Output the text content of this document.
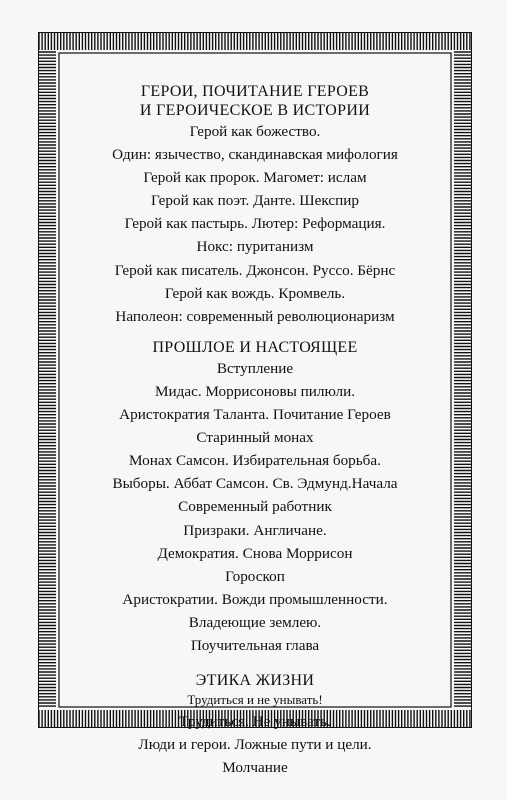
ГЕРОИ, ПОЧИТАНИЕ ГЕРОЕВ
И ГЕРОИЧЕСКОЕ В ИСТОРИИ
Герой как божество.
Один: язычество, скандинавская мифология
Герой как пророк. Магомет: ислам
Герой как поэт. Данте. Шекспир
Герой как пастырь. Лютер: Реформация.
Нокс: пуританизм
Герой как писатель. Джонсон. Руссо. Бёрнс
Герой как вождь. Кромвель.
Наполеон: современный революционаризм
ПРОШЛОЕ И НАСТОЯЩЕЕ
Вступление
Мидас. Моррисоновы пилюли.
Аристократия Таланта. Почитание Героев
Старинный монах
Монах Самсон. Избирательная борьба.
Выборы. Аббат Самсон. Св. Эдмунд.Начала
Современный работник
Призраки. Англичане.
Демократия. Снова Моррисон
Гороскоп
Аристократии. Вожди промышленности.
Владеющие землею.
Поучительная глава
ЭТИКА ЖИЗНИ
Трудиться и не унывать!
Трудиться. Не унывать.
Люди и герои. Ложные пути и цели.
Молчание
